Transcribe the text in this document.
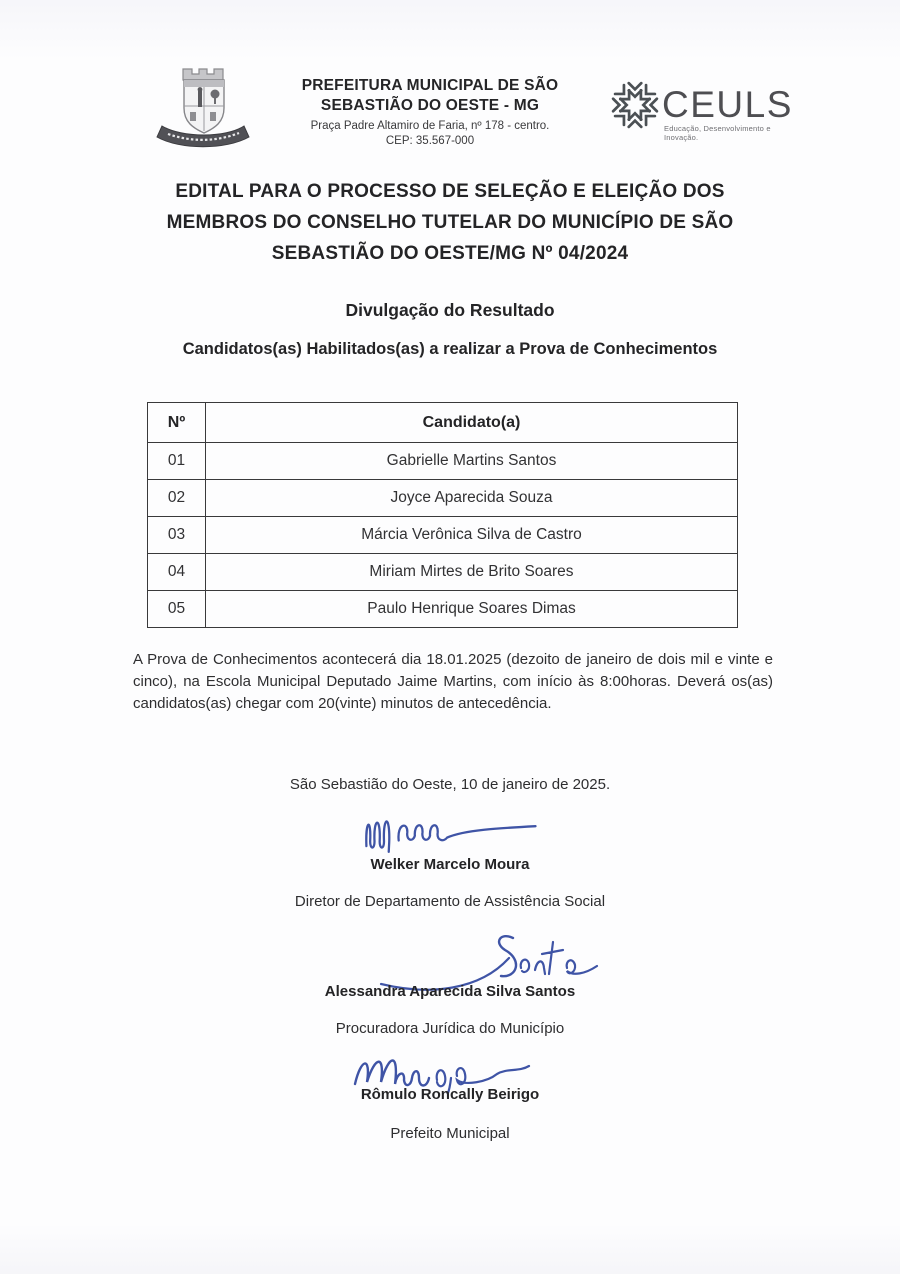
PREFEITURA MUNICIPAL DE SÃO
SEBASTIÃO DO OESTE - MG
Praça Padre Altamiro de Faria, nº 178 - centro.
CEP: 35.567-000
CEULS
Educação, Desenvolvimento e Inovação.
EDITAL PARA O PROCESSO DE SELEÇÃO E ELEIÇÃO DOS
MEMBROS DO CONSELHO TUTELAR DO MUNICÍPIO DE SÃO
SEBASTIÃO DO OESTE/MG Nº 04/2024
Divulgação do Resultado
Candidatos(as) Habilitados(as) a realizar a Prova de Conhecimentos
Nº	Candidato(a)
01	Gabrielle Martins Santos
02	Joyce Aparecida Souza
03	Márcia Verônica Silva de Castro
04	Miriam Mirtes de Brito Soares
05	Paulo Henrique Soares Dimas

A Prova de Conhecimentos acontecerá dia 18.01.2025 (dezoito de janeiro de dois mil e vinte e cinco), na Escola Municipal Deputado Jaime Martins, com início às 8:00horas. Deverá os(as) candidatos(as) chegar com 20(vinte) minutos de antecedência.

São Sebastião do Oeste, 10 de janeiro de 2025.
Welker Marcelo Moura
Diretor de Departamento de Assistência Social
Alessandra Aparecida Silva Santos
Procuradora Jurídica do Município
Rômulo Roncally Beirigo
Prefeito Municipal
